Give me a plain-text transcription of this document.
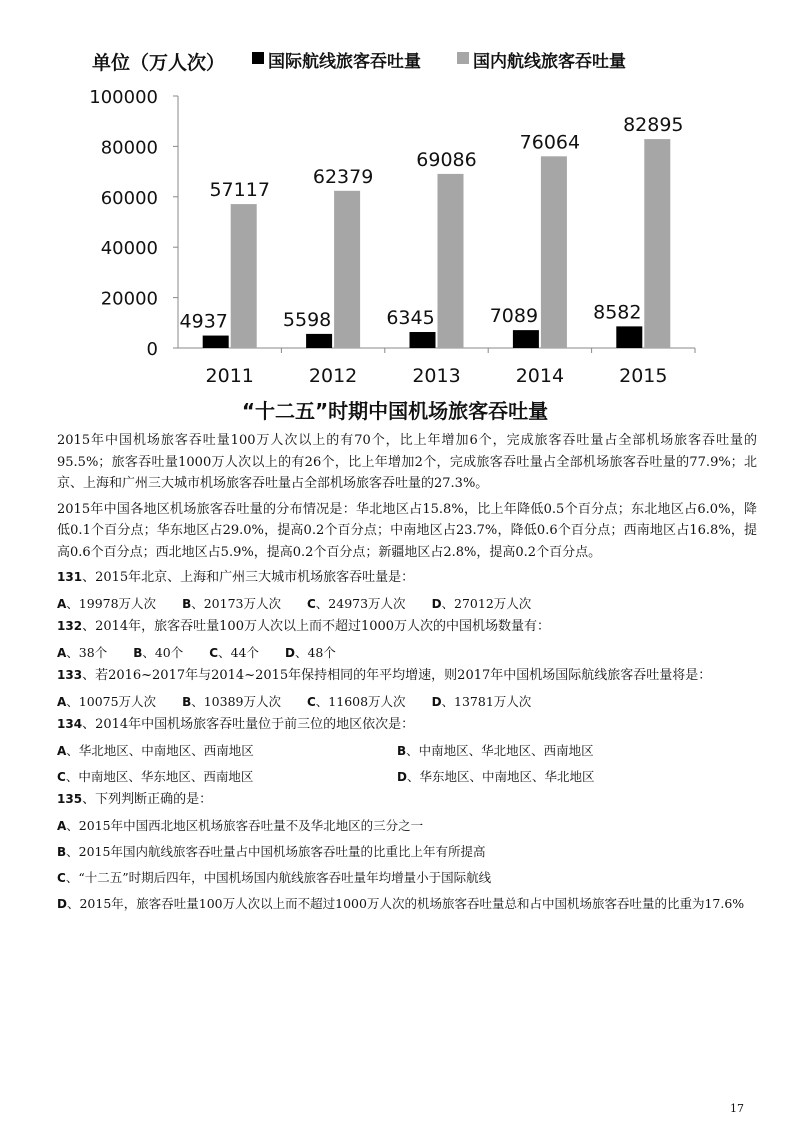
单位（万人次）	国际航线旅客吞吐量	国内航线旅客吞吐量
0
20000
40000
60000
80000
100000
4937
57117
2011
5598
62379
2012
6345
69086
2013
7089
76064
2014
8582
82895
2015
“十二五”时期中国机场旅客吞吐量

2015年中国机场旅客吞吐量100万人次以上的有70个，比上年增加6个，完成旅客吞吐量占全部机场旅客吞吐量的95.5%；旅客吞吐量1000万人次以上的有26个，比上年增加2个，完成旅客吞吐量占全部机场旅客吞吐量的77.9%；北京、上海和广州三大城市机场旅客吞吐量占全部机场旅客吞吐量的27.3%。

2015年中国各地区机场旅客吞吐量的分布情况是：华北地区占15.8%，比上年降低0.5个百分点；东北地区占6.0%，降低0.1个百分点；华东地区占29.0%，提高0.2个百分点；中南地区占23.7%，降低0.6个百分点；西南地区占16.8%，提高0.6个百分点；西北地区占5.9%，提高0.2个百分点；新疆地区占2.8%，提高0.2个百分点。

131、2015年北京、上海和广州三大城市机场旅客吞吐量是：
A、19978万人次 B、20173万人次 C、24973万人次 D、27012万人次
132、2014年，旅客吞吐量100万人次以上而不超过1000万人次的中国机场数量有：
A、38个 B、40个 C、44个 D、48个
133、若2016~2017年与2014~2015年保持相同的年平均增速，则2017年中国机场国际航线旅客吞吐量将是：
A、10075万人次 B、10389万人次 C、11608万人次 D、13781万人次
134、2014年中国机场旅客吞吐量位于前三位的地区依次是：
A、华北地区、中南地区、西南地区	B、中南地区、华北地区、西南地区
C、中南地区、华东地区、西南地区	D、华东地区、中南地区、华北地区
135、下列判断正确的是：
A、2015年中国西北地区机场旅客吞吐量不及华北地区的三分之一
B、2015年国内航线旅客吞吐量占中国机场旅客吞吐量的比重比上年有所提高
C、“十二五”时期后四年，中国机场国内航线旅客吞吐量年均增量小于国际航线
D、2015年，旅客吞吐量100万人次以上而不超过1000万人次的机场旅客吞吐量总和占中国机场旅客吞吐量的比重为17.6%
17
